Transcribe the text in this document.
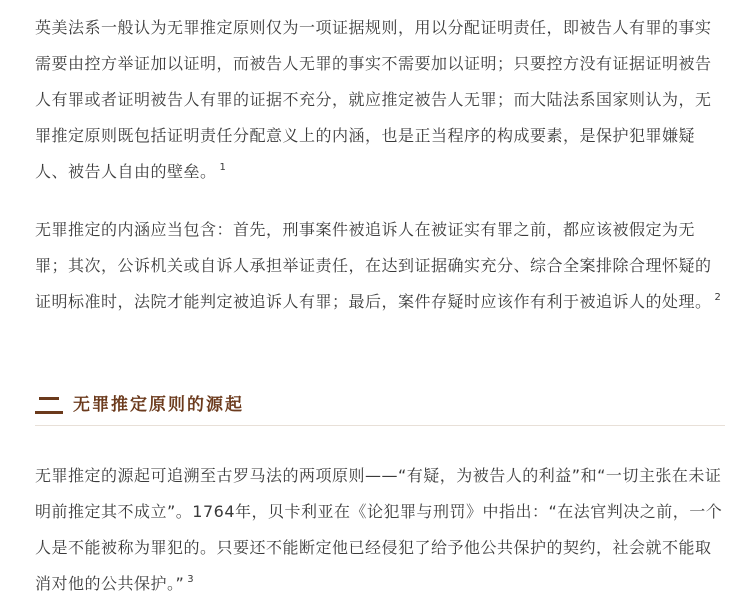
英美法系一般认为无罪推定原则仅为一项证据规则，用以分配证明责任，即被告人有罪的事实需要由控方举证加以证明，而被告人无罪的事实不需要加以证明；只要控方没有证据证明被告人有罪或者证明被告人有罪的证据不充分，就应推定被告人无罪；而大陆法系国家则认为，无罪推定原则既包括证明责任分配意义上的内涵，也是正当程序的构成要素，是保护犯罪嫌疑人、被告人自由的壁垒。 $^1$

无罪推定的内涵应当包含：首先，刑事案件被追诉人在被证实有罪之前，都应该被假定为无罪；其次，公诉机关或自诉人承担举证责任，在达到证据确实充分、综合全案排除合理怀疑的证明标准时，法院才能判定被追诉人有罪；最后，案件存疑时应该作有利于被追诉人的处理。 $^2$

无罪推定原则的源起

无罪推定的源起可追溯至古罗马法的两项原则——“有疑，为被告人的利益”和“一切主张在未证明前推定其不成立”。1764年，贝卡利亚在《论犯罪与刑罚》中指出：“在法官判决之前，一个人是不能被称为罪犯的。只要还不能断定他已经侵犯了给予他公共保护的契约，社会就不能取消对他的公共保护。” $^3$
